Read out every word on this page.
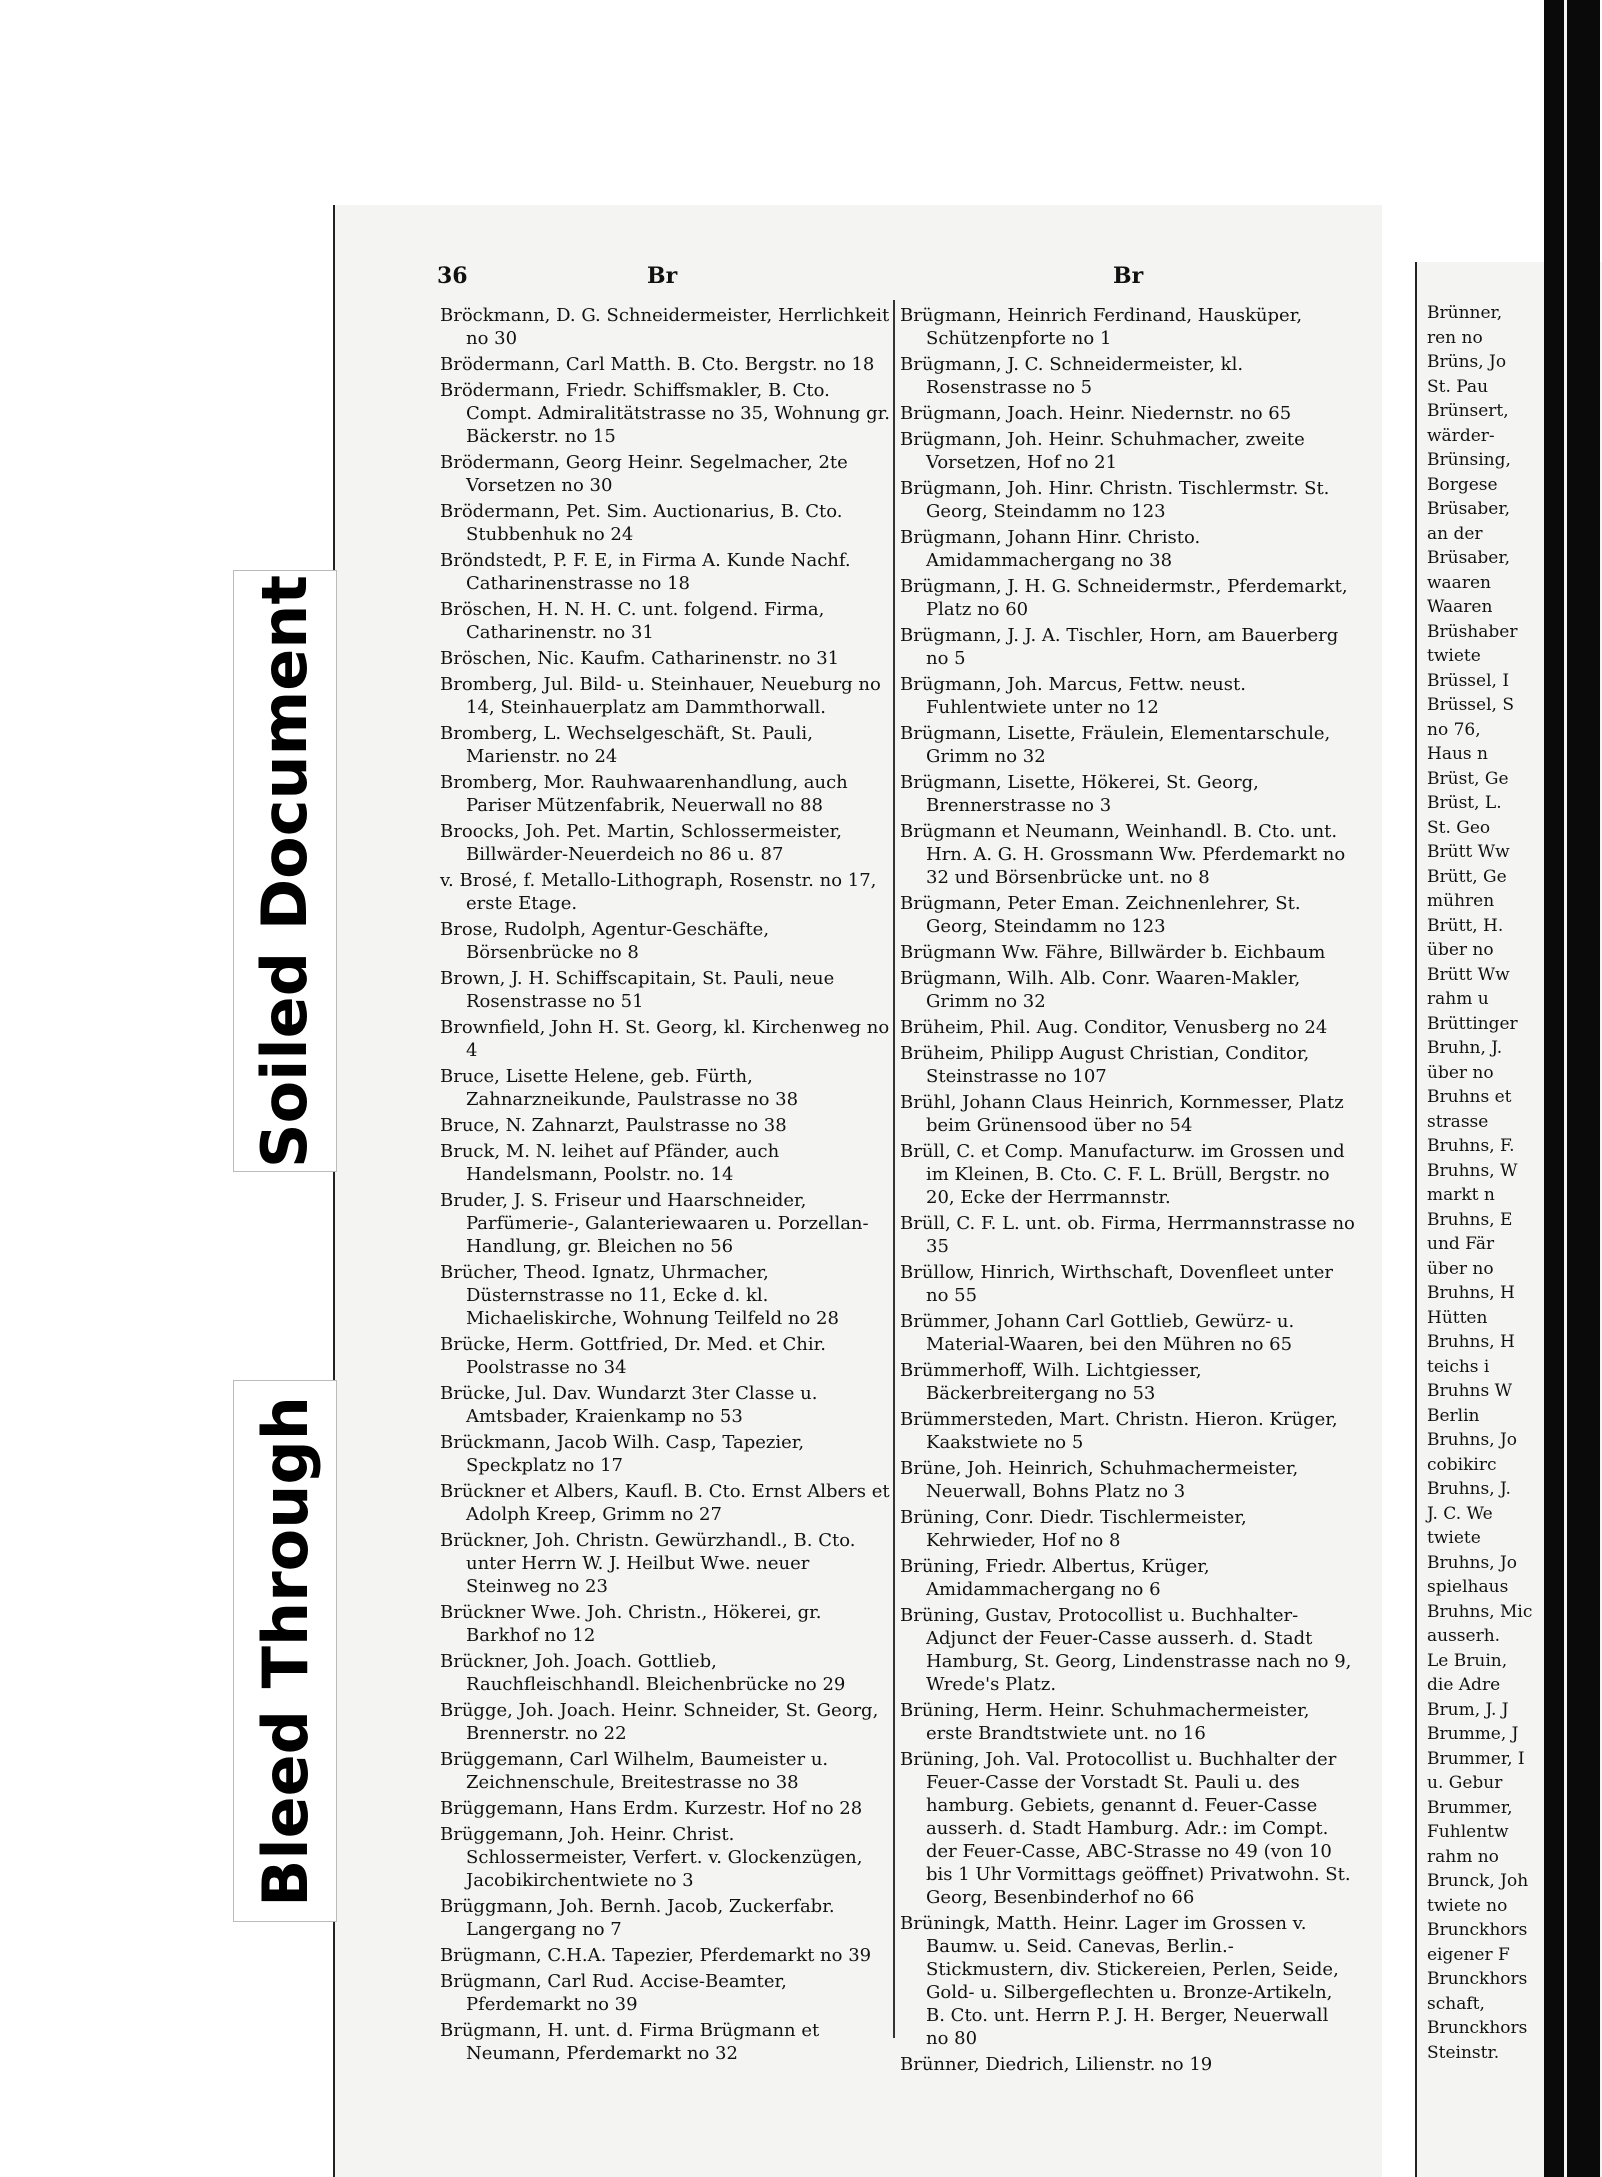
Brünner,
ren no
Brüns, Jo
St. Pau
Brünsert,
wärder-
Brünsing,
Borgese
Brüsaber,
an der
Brüsaber,
waaren
Waaren
Brüshaber
twiete
Brüssel, I
Brüssel, S
no 76,
Haus n
Brüst, Ge
Brüst, L.
St. Geo
Brütt Ww
Brütt, Ge
mühren
Brütt, H.
über no
Brütt Ww
rahm u
Brüttinger
Bruhn, J.
über no
Bruhns et
strasse
Bruhns, F.
Bruhns, W
markt n
Bruhns, E
und Fär
über no
Bruhns, H
Hütten
Bruhns, H
teichs i
Bruhns W
Berlin
Bruhns, Jo
cobikirc
Bruhns, J.
J. C. We
twiete
Bruhns, Jo
spielhaus
Bruhns, Mic
ausserh.
Le Bruin,
die Adre
Brum, J. J
Brumme, J
Brummer, I
u. Gebur
Brummer,
Fuhlentw
rahm no
Brunck, Joh
twiete no
Brunckhors
eigener F
Brunckhors
schaft,
Brunckhors
Steinstr.
Soiled Document
Bleed Through
36	Br	Br
Bröckmann, D. G. Schneidermeister, Herrlichkeit no 30
Brödermann, Carl Matth. B. Cto. Bergstr. no 18
Brödermann, Friedr. Schiffsmakler, B. Cto. Compt. Admiralitätstrasse no 35, Wohnung gr. Bäckerstr. no 15
Brödermann, Georg Heinr. Segelmacher, 2te Vorsetzen no 30
Brödermann, Pet. Sim. Auctionarius, B. Cto. Stubbenhuk no 24
Bröndstedt, P. F. E, in Firma A. Kunde Nachf. Catharinenstrasse no 18
Bröschen, H. N. H. C. unt. folgend. Firma, Catharinenstr. no 31
Bröschen, Nic. Kaufm. Catharinenstr. no 31
Bromberg, Jul. Bild- u. Steinhauer, Neueburg no 14, Steinhauerplatz am Dammthorwall.
Bromberg, L. Wechselgeschäft, St. Pauli, Marienstr. no 24
Bromberg, Mor. Rauhwaarenhandlung, auch Pariser Mützenfabrik, Neuerwall no 88
Broocks, Joh. Pet. Martin, Schlossermeister, Billwärder-Neuerdeich no 86 u. 87
v. Brosé, f. Metallo-Lithograph, Rosenstr. no 17, erste Etage.
Brose, Rudolph, Agentur-Geschäfte, Börsenbrücke no 8
Brown, J. H. Schiffscapitain, St. Pauli, neue Rosenstrasse no 51
Brownfield, John H. St. Georg, kl. Kirchenweg no 4
Bruce, Lisette Helene, geb. Fürth, Zahnarzneikunde, Paulstrasse no 38
Bruce, N. Zahnarzt, Paulstrasse no 38
Bruck, M. N. leihet auf Pfänder, auch Handelsmann, Poolstr. no. 14
Bruder, J. S. Friseur und Haarschneider, Parfümerie-, Galanteriewaaren u. Porzellan-Handlung, gr. Bleichen no 56
Brücher, Theod. Ignatz, Uhrmacher, Düsternstrasse no 11, Ecke d. kl. Michaeliskirche, Wohnung Teilfeld no 28
Brücke, Herm. Gottfried, Dr. Med. et Chir. Poolstrasse no 34
Brücke, Jul. Dav. Wundarzt 3ter Classe u. Amtsbader, Kraienkamp no 53
Brückmann, Jacob Wilh. Casp, Tapezier, Speckplatz no 17
Brückner et Albers, Kaufl. B. Cto. Ernst Albers et Adolph Kreep, Grimm no 27
Brückner, Joh. Christn. Gewürzhandl., B. Cto. unter Herrn W. J. Heilbut Wwe. neuer Steinweg no 23
Brückner Wwe. Joh. Christn., Hökerei, gr. Barkhof no 12
Brückner, Joh. Joach. Gottlieb, Rauchfleischhandl. Bleichenbrücke no 29
Brügge, Joh. Joach. Heinr. Schneider, St. Georg, Brennerstr. no 22
Brüggemann, Carl Wilhelm, Baumeister u. Zeichnenschule, Breitestrasse no 38
Brüggemann, Hans Erdm. Kurzestr. Hof no 28
Brüggemann, Joh. Heinr. Christ. Schlossermeister, Verfert. v. Glockenzügen, Jacobikirchentwiete no 3
Brüggmann, Joh. Bernh. Jacob, Zuckerfabr. Langergang no 7
Brügmann, C.H.A. Tapezier, Pferdemarkt no 39
Brügmann, Carl Rud. Accise-Beamter, Pferdemarkt no 39
Brügmann, H. unt. d. Firma Brügmann et Neumann, Pferdemarkt no 32
Brügmann, Heinrich Ferdinand, Hausküper, Schützenpforte no 1
Brügmann, J. C. Schneidermeister, kl. Rosenstrasse no 5
Brügmann, Joach. Heinr. Niedernstr. no 65
Brügmann, Joh. Heinr. Schuhmacher, zweite Vorsetzen, Hof no 21
Brügmann, Joh. Hinr. Christn. Tischlermstr. St. Georg, Steindamm no 123
Brügmann, Johann Hinr. Christo. Amidammachergang no 38
Brügmann, J. H. G. Schneidermstr., Pferdemarkt, Platz no 60
Brügmann, J. J. A. Tischler, Horn, am Bauerberg no 5
Brügmann, Joh. Marcus, Fettw. neust. Fuhlentwiete unter no 12
Brügmann, Lisette, Fräulein, Elementarschule, Grimm no 32
Brügmann, Lisette, Hökerei, St. Georg, Brennerstrasse no 3
Brügmann et Neumann, Weinhandl. B. Cto. unt. Hrn. A. G. H. Grossmann Ww. Pferdemarkt no 32 und Börsenbrücke unt. no 8
Brügmann, Peter Eman. Zeichnenlehrer, St. Georg, Steindamm no 123
Brügmann Ww. Fähre, Billwärder b. Eichbaum
Brügmann, Wilh. Alb. Conr. Waaren-Makler, Grimm no 32
Brüheim, Phil. Aug. Conditor, Venusberg no 24
Brüheim, Philipp August Christian, Conditor, Steinstrasse no 107
Brühl, Johann Claus Heinrich, Kornmesser, Platz beim Grünensood über no 54
Brüll, C. et Comp. Manufacturw. im Grossen und im Kleinen, B. Cto. C. F. L. Brüll, Bergstr. no 20, Ecke der Herrmannstr.
Brüll, C. F. L. unt. ob. Firma, Herrmannstrasse no 35
Brüllow, Hinrich, Wirthschaft, Dovenfleet unter no 55
Brümmer, Johann Carl Gottlieb, Gewürz- u. Material-Waaren, bei den Mühren no 65
Brümmerhoff, Wilh. Lichtgiesser, Bäckerbreitergang no 53
Brümmersteden, Mart. Christn. Hieron. Krüger, Kaakstwiete no 5
Brüne, Joh. Heinrich, Schuhmachermeister, Neuerwall, Bohns Platz no 3
Brüning, Conr. Diedr. Tischlermeister, Kehrwieder, Hof no 8
Brüning, Friedr. Albertus, Krüger, Amidammachergang no 6
Brüning, Gustav, Protocollist u. Buchhalter-Adjunct der Feuer-Casse ausserh. d. Stadt Hamburg, St. Georg, Lindenstrasse nach no 9, Wrede's Platz.
Brüning, Herm. Heinr. Schuhmachermeister, erste Brandtstwiete unt. no 16
Brüning, Joh. Val. Protocollist u. Buchhalter der Feuer-Casse der Vorstadt St. Pauli u. des hamburg. Gebiets, genannt d. Feuer-Casse ausserh. d. Stadt Hamburg. Adr.: im Compt. der Feuer-Casse, ABC-Strasse no 49 (von 10 bis 1 Uhr Vormittags geöffnet) Privatwohn. St. Georg, Besenbinderhof no 66
Brüningk, Matth. Heinr. Lager im Grossen v. Baumw. u. Seid. Canevas, Berlin.-Stickmustern, div. Stickereien, Perlen, Seide, Gold- u. Silbergeflechten u. Bronze-Artikeln, B. Cto. unt. Herrn P. J. H. Berger, Neuerwall no 80
Brünner, Diedrich, Lilienstr. no 19
